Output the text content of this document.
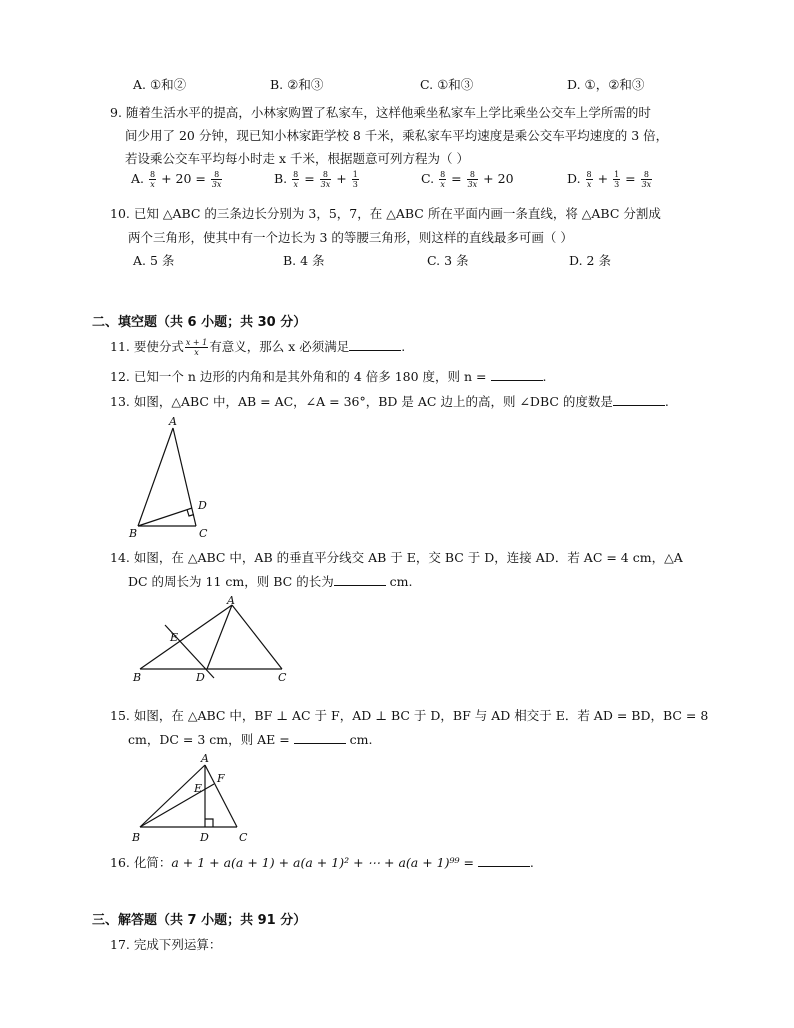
A. ①和②	B. ②和③	C. ①和③	D. ①，②和③
9. 随着生活水平的提高，小林家购置了私家车，这样他乘坐私家车上学比乘坐公交车上学所需的时
间少用了 20 分钟，现已知小林家距学校 8 千米，乘私家车平均速度是乘公交车平均速度的 3 倍，
若设乘公交车平均每小时走 x 千米，根据题意可列方程为（ ）
A. $\frac{8}{x} + 20 = \frac{8}{3x}$	B. $\frac{8}{x} = \frac{8}{3x} + \frac{1}{3}$	C. $\frac{8}{x} = \frac{8}{3x} + 20$	D. $\frac{8}{x} + \frac{1}{3} = \frac{8}{3x}$
10. 已知 △ABC 的三条边长分别为 3，5，7，在 △ABC 所在平面内画一条直线，将 △ABC 分割成
两个三角形，使其中有一个边长为 3 的等腰三角形，则这样的直线最多可画（ ）
A. 5 条	B. 4 条	C. 3 条	D. 2 条
二、填空题（共 6 小题；共 30 分）
11. 要使分式 $\frac{x + 1}{x}$ 有意义，那么 x 必须满足	.
12. 已知一个 n 边形的内角和是其外角和的 4 倍多 180 度，则 n =	.
13. 如图，△ABC 中，AB = AC，∠A = 36°，BD 是 AC 边上的高，则 ∠DBC 的度数是	.
A
B	C
D
14. 如图，在 △ABC 中，AB 的垂直平分线交 AB 于 E，交 BC 于 D，连接 AD．若 AC = 4 cm，△A
DC 的周长为 11 cm，则 BC 的长为	cm.
A
B	C
D
E
15. 如图，在 △ABC 中，BF ⊥ AC 于 F，AD ⊥ BC 于 D，BF 与 AD 相交于 E．若 AD = BD，BC = 8
cm，DC = 3 cm，则 AE =	cm.
A
B	C
D
E
F
16. 化简：a + 1 + a(a + 1) + a(a + 1)² + ⋯ + a(a + 1)⁹⁹ =	.
三、解答题（共 7 小题；共 91 分）
17. 完成下列运算：
